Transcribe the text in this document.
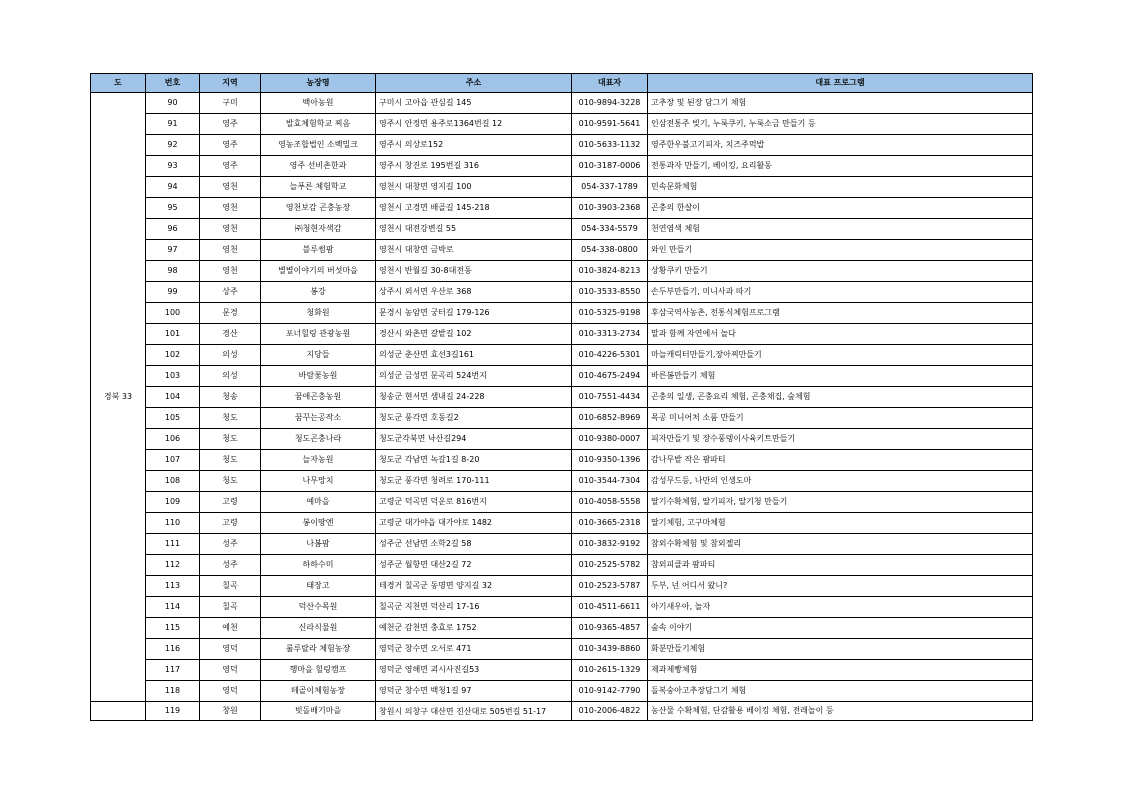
도	번호	지역	농장명	주소	대표자	대표 프로그램
경북 33	90	구미	백아농원	구미시 고아읍 관심길 145	010-9894-3228	고추장 및 된장 담그기 체험
	91	영주	발효체험학교 찌음	영주시 안정면 용주로1364번길 12	010-9591-5641	인삼전통주 빚기, 누룩쿠키, 누룩소금 만들기 등
	92	영주	영농조합법인 소백밀크	영주시 의상로152	010-5633-1132	영주한우불고기피자, 치즈주먹밥
	93	영주	영주 선비촌한과	영주시 창진로 195번길 316	010-3187-0006	전통과자 만들기, 베이킹, 요리활동
	94	영천	늘푸른 체험학교	영천시 대창면 영지길 100	054-337-1789	민속문화체험
	95	영천	영천보감 곤충농장	영천시 고경면 배골길 145-218	010-3903-2368	곤충의 한살이
	96	영천	㈜청현자색감	영천시 대전강변길 55	054-334-5579	천연염색 체험
	97	영천	블루썸팜	영천시 대창면 금박로	054-338-0800	와인 만들기
	98	영천	별별이야기의 버섯마을	영천시 반월길 30-8대전동	010-3824-8213	상황쿠키 만들기
	99	상주	봉강	상주시 외서면 우산로 368	010-3533-8550	손두부만들기, 미니사과 따기
	100	문경	청화원	문경시 농암면 궁터길 179-126	010-5325-9198	후삼국역사농촌, 전통식체험프로그램
	101	경산	포너힐링 관광농원	경산시 와촌면 갈밭길 102	010-3313-2734	말과 함께 자연에서 놀다
	102	의성	지당들	의성군 춘산면 효선3길161	010-4226-5301	마늘캐릭터만들기,장아찌만들기
	103	의성	바람꽃농원	의성군 금성면 문곡리 524번지	010-4675-2494	바른봄만들기 체험
	104	청송	꿈애곤충농원	청송군 현서면 샘내길 24-228	010-7551-4434	곤충의 일생, 곤충요리 체험, 곤충채집, 숲체험
	105	청도	꿈꾸는공작소	청도군 풍각면 호동길2	010-6852-8969	목공 미니어처 소품 만들기
	106	청도	청도곤충나라	청도군각북면 낙산길294	010-9380-0007	피자만들기 및 장수풍뎅이사육키트만들기
	107	청도	늘자농원	청도군 각남면 녹갈1길 8-20	010-9350-1396	감나무밭 작은 팜파티
	108	청도	나무망치	청도군 풍각면 청려로 170-111	010-3544-7304	감성무드등, 나만의 인생도마
	109	고령	예마을	고령군 덕곡면 덕운로 816번지	010-4058-5558	딸기수확체험, 딸기피자, 딸기청 만들기
	110	고령	봉이땅엔	고령군 대가야읍 대가야로 1482	010-3665-2318	딸기체험, 고구마체험
	111	성주	나봄팜	성주군 선남면 소학2길 58	010-3832-9192	참외수확체험 및 참외젤리
	112	성주	하하수미	성주군 월항면 대산2길 72	010-2525-5782	참외피클과 팜파티
	113	칠곡	태장고	테경거 칠곡군 동명면 양지길 32	010-2523-5787	두부, 넌 어디서 왔니?
	114	칠곡	덕산수목원	칠곡군 지천면 덕산리 17-16	010-4511-6611	아기새우아, 놀자
	115	예천	신라식물원	예천군 감천면 충효로 1752	010-9365-4857	숲속 이야기
	116	영덕	룰루랄라 체험농장	영덕군 창수면 오서로 471	010-3439-8860	화분만들기체험
	117	영덕	행마을 힐링캠프	영덕군 영해면 괴시사진길53	010-2615-1329	제과제빵체험
	118	영덕	떼골이체험농장	영덕군 창수면 백청1길 97	010-9142-7790	돌복숭아고추장담그기 체험
	119	창원	빗돌배기마을	창원시 의창구 대산면 진산대로 505번길 51-17	010-2006-4822	농산물 수확체험, 단감활용 베이킹 체험, 전래놀이 등
